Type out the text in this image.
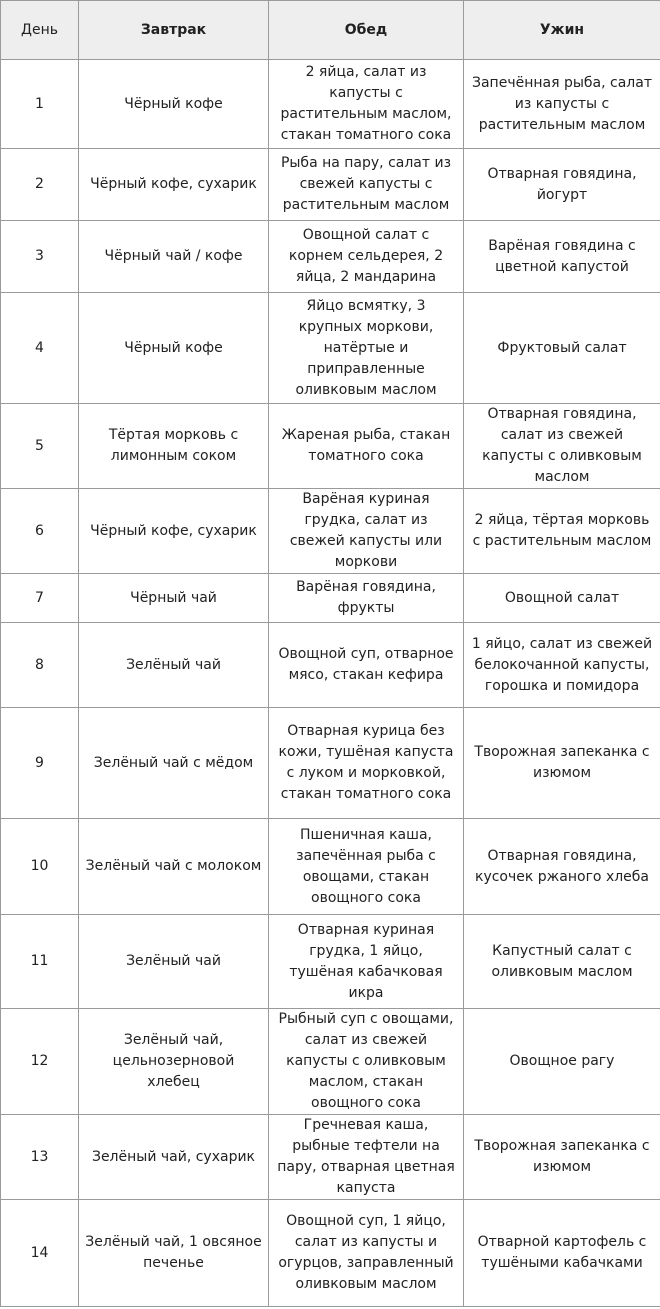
День	Завтрак	Обед	Ужин
1	Чёрный кофе	2 яйца, салат из капусты с растительным маслом, стакан томатного сока	Запечённая рыба, салат из капусты с растительным маслом
2	Чёрный кофе, сухарик	Рыба на пару, салат из свежей капусты с растительным маслом	Отварная говядина, йогурт
3	Чёрный чай / кофе	Овощной салат с корнем сельдерея, 2 яйца, 2 мандарина	Варёная говядина с цветной капустой
4	Чёрный кофе	Яйцо всмятку, 3 крупных моркови, натёртые и приправленные оливковым маслом	Фруктовый салат
5	Тёртая морковь с лимонным соком	Жареная рыба, стакан томатного сока	Отварная говядина, салат из свежей капусты с оливковым маслом
6	Чёрный кофе, сухарик	Варёная куриная грудка, салат из свежей капусты или моркови	2 яйца, тёртая морковь с растительным маслом
7	Чёрный чай	Варёная говядина, фрукты	Овощной салат
8	Зелёный чай	Овощной суп, отварное мясо, стакан кефира	1 яйцо, салат из свежей белокочанной капусты, горошка и помидора
9	Зелёный чай с мёдом	Отварная курица без кожи, тушёная капуста с луком и морковкой, стакан томатного сока	Творожная запеканка с изюмом
10	Зелёный чай с молоком	Пшеничная каша, запечённая рыба с овощами, стакан овощного сока	Отварная говядина, кусочек ржаного хлеба
11	Зелёный чай	Отварная куриная грудка, 1 яйцо, тушёная кабачковая икра	Капустный салат с оливковым маслом
12	Зелёный чай, цельнозерновой хлебец	Рыбный суп с овощами, салат из свежей капусты с оливковым маслом, стакан овощного сока	Овощное рагу
13	Зелёный чай, сухарик	Гречневая каша, рыбные тефтели на пару, отварная цветная капуста	Творожная запеканка с изюмом
14	Зелёный чай, 1 овсяное печенье	Овощной суп, 1 яйцо, салат из капусты и огурцов, заправленный оливковым маслом	Отварной картофель с тушёными кабачками
